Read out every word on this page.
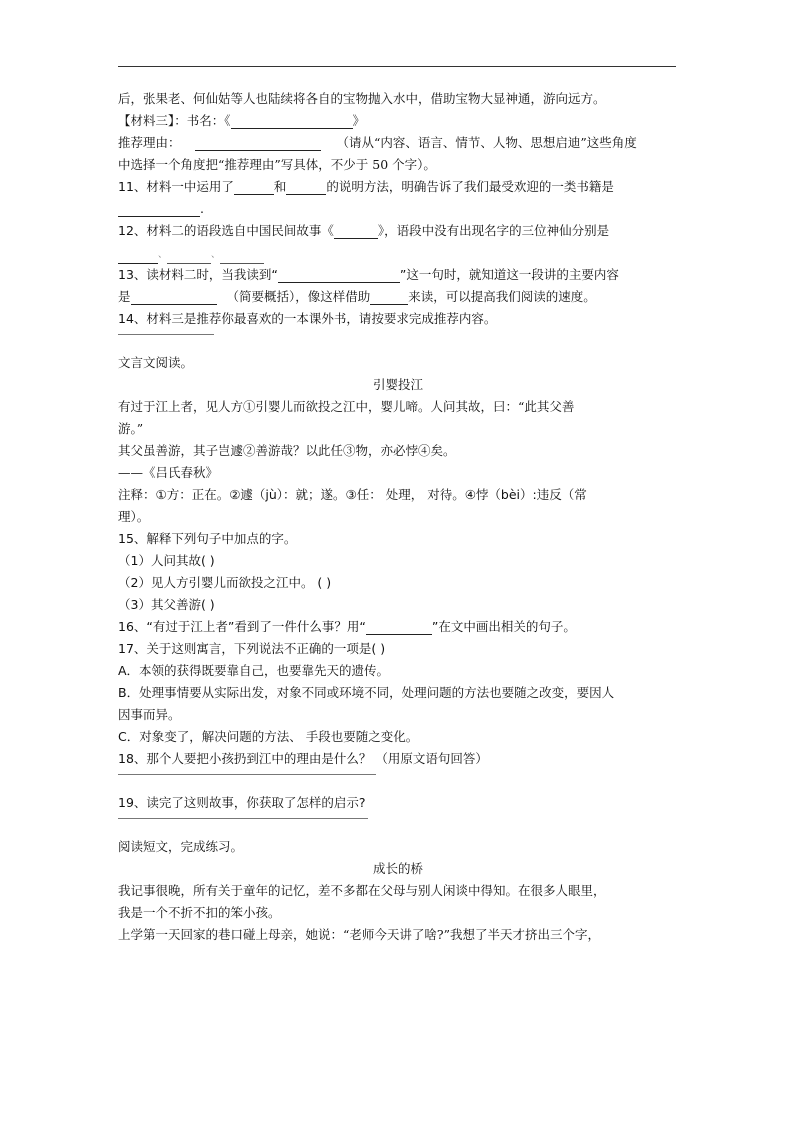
后，张果老、何仙姑等人也陆续将各自的宝物抛入水中，借助宝物大显神通，游向远方。
【材料三】：书名：《	》
推荐理由：	（请从“内容、语言、情节、人物、思想启迪”这些角度
中选择一个角度把“推荐理由”写具体，不少于 50 个字）。
11、材料一中运用了	和	的说明方法，明确告诉了我们最受欢迎的一类书籍是
.
12、材料二的语段选自中国民间故事《	》，语段中没有出现名字的三位神仙分别是
、	、
13、读材料二时，当我读到“	”这一句时，就知道这一段讲的主要内容
是	（简要概括），像这样借助	来读，可以提高我们阅读的速度。
14、材料三是推荐你最喜欢的一本课外书，请按要求完成推荐内容。
文言文阅读。
引婴投江
有过于江上者，见人方①引婴儿而欲投之江中，婴儿啼。人问其故，曰：“此其父善
游。”
其父虽善游，其子岂遽②善游哉？以此任③物，亦必悖④矣。
——《吕氏春秋》
注释：①方：正在。②遽（jù）：就；遂。③任： 处理， 对待。④悖（bèi）:违反（常
理）。
15、解释下列句子中加点的字。
（1）人问其故( )
（2）见人方引婴儿而欲投之江中。 ( )
（3）其父善游( )
16、“有过于江上者”看到了一件什么事？用“	”在文中画出相关的句子。
17、关于这则寓言，下列说法不正确的一项是( )
A．本领的获得既要靠自己，也要靠先天的遗传。
B．处理事情要从实际出发，对象不同或环境不同，处理问题的方法也要随之改变，要因人
因事而异。
C．对象变了，解决问题的方法、 手段也要随之变化。
18、那个人要把小孩扔到江中的理由是什么？ （用原文语句回答）
19、读完了这则故事，你获取了怎样的启示?
阅读短文，完成练习。
成长的桥
我记事很晚，所有关于童年的记忆，差不多都在父母与别人闲谈中得知。在很多人眼里，
我是一个不折不扣的笨小孩。
上学第一天回家的巷口碰上母亲，她说：“老师今天讲了啥?”我想了半天才挤出三个字，
